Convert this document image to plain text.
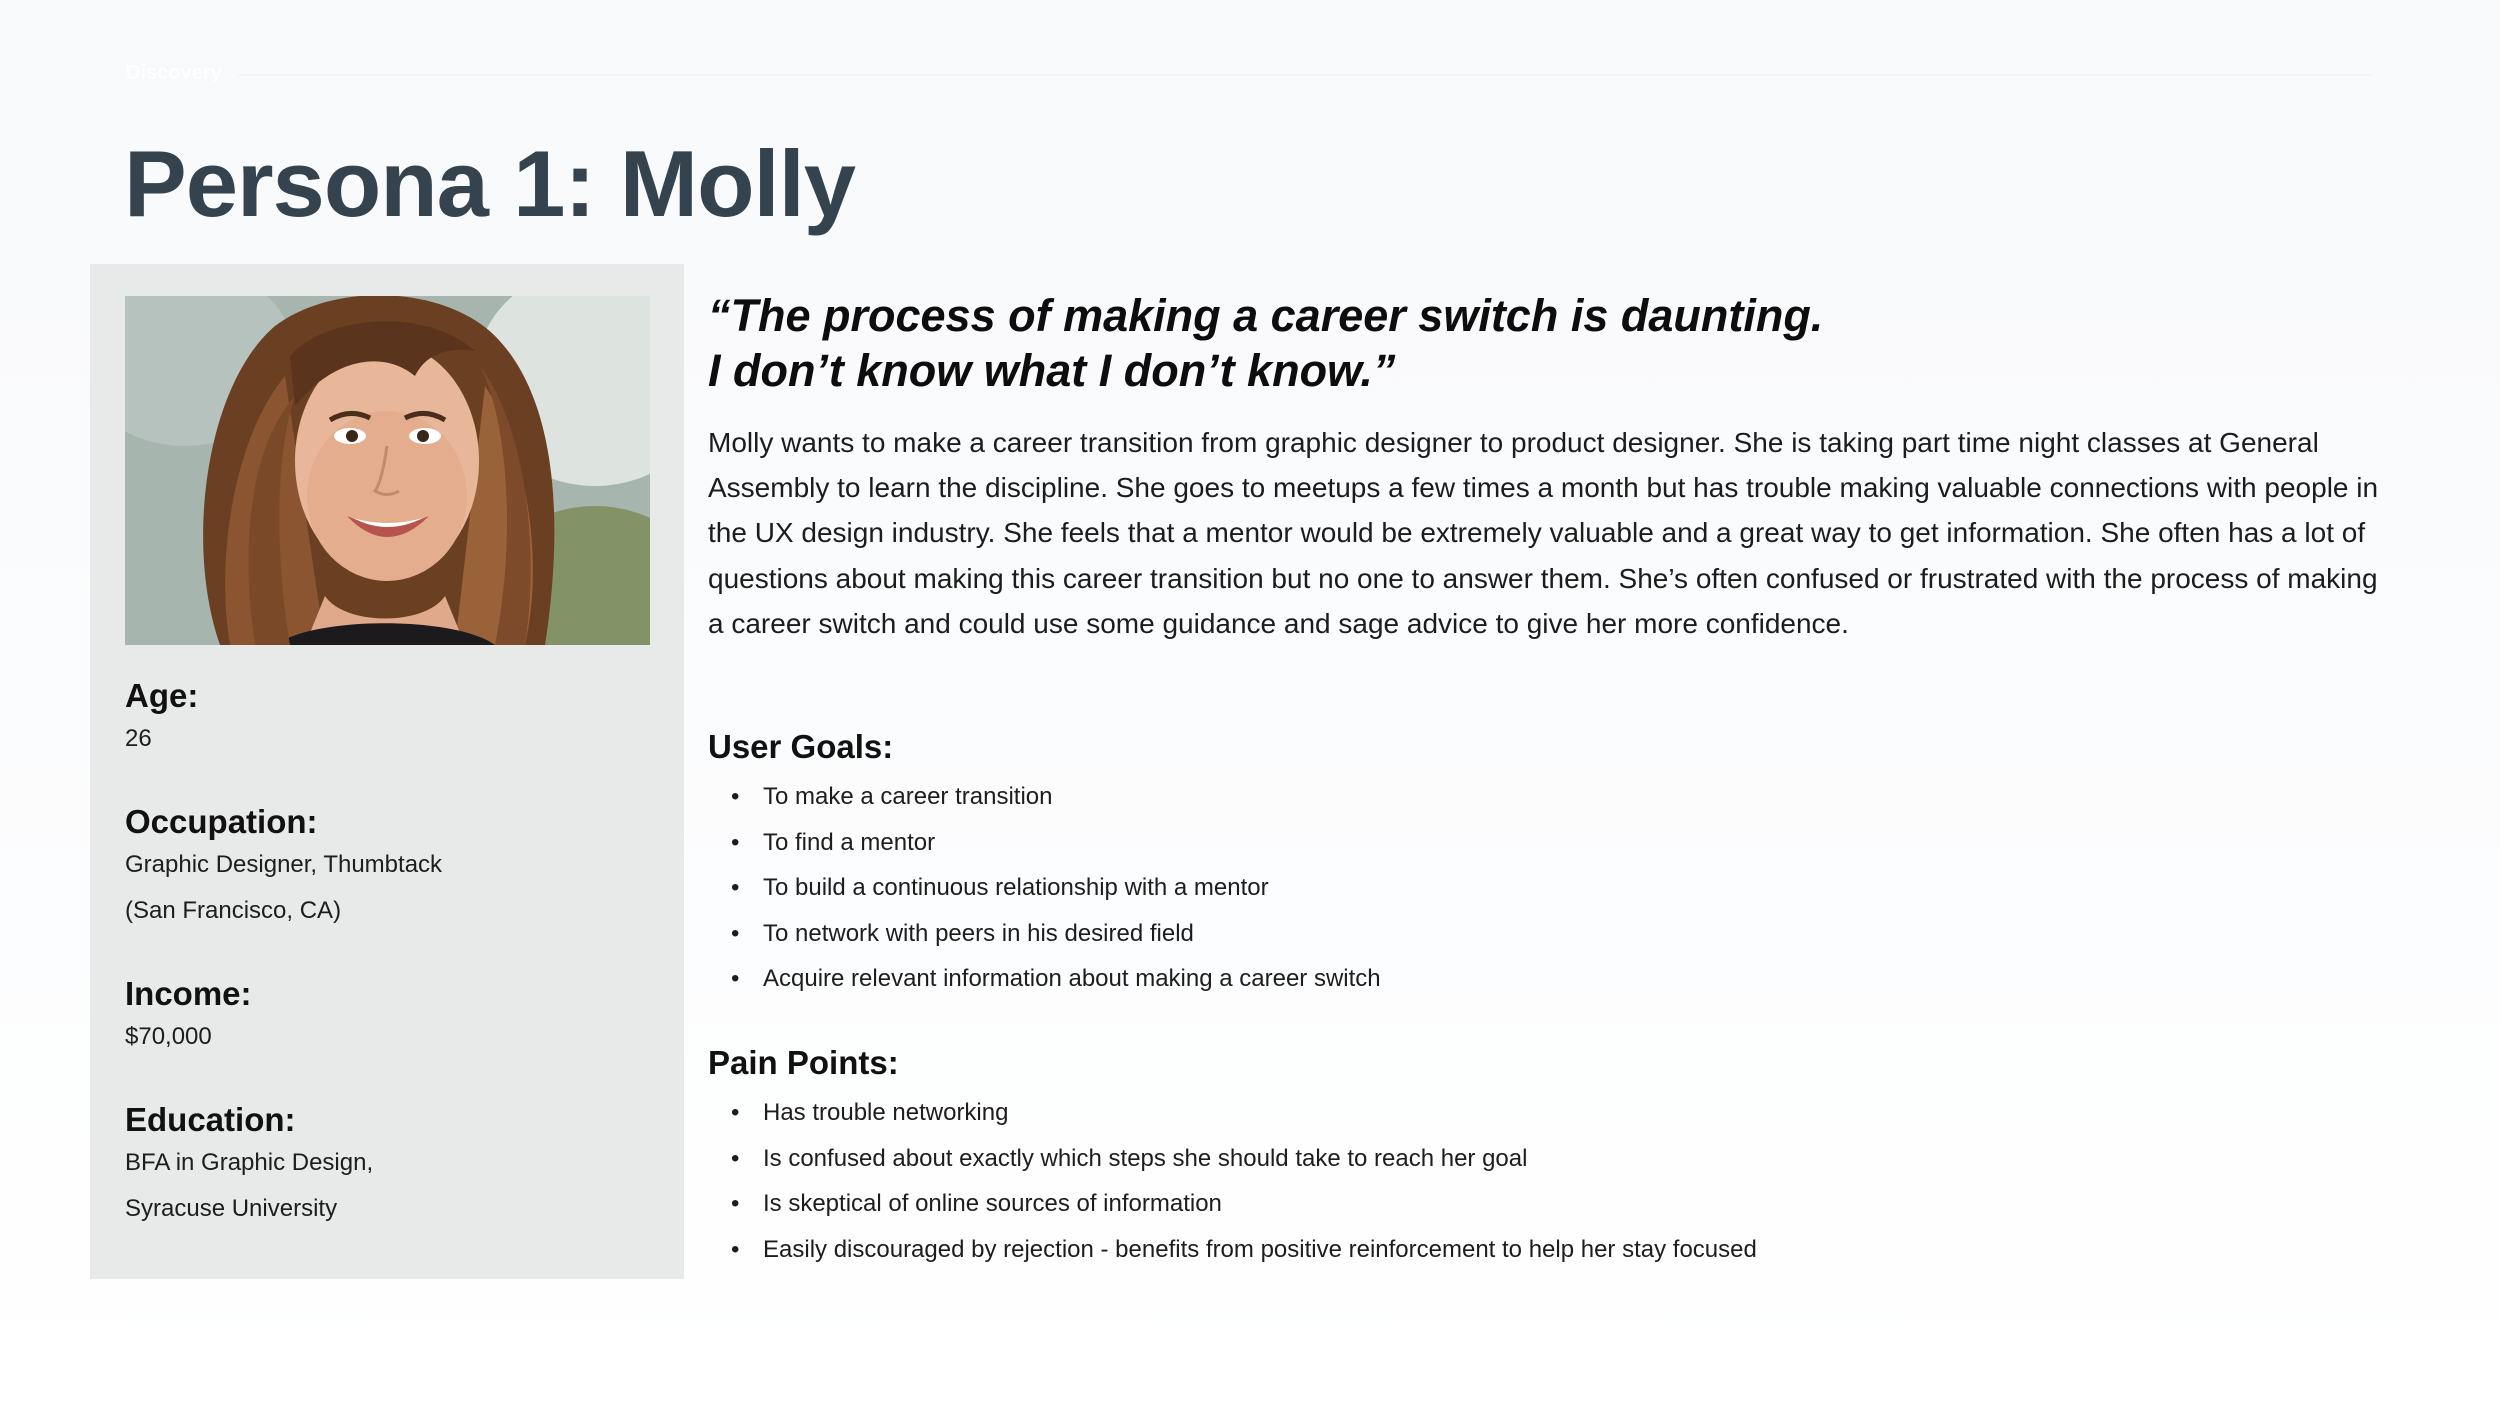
Discovery
Persona 1: Molly
Age:
26
Occupation:
Graphic Designer, Thumbtack
(San Francisco, CA)
Income:
$70,000
Education:
BFA in Graphic Design,
Syracuse University
“The process of making a career switch is daunting.
I don’t know what I don’t know.”

Molly wants to make a career transition from graphic designer to product designer. She is taking part time night classes at General Assembly to learn the discipline. She goes to meetups a few times a month but has trouble making valuable connections with people in the UX design industry. She feels that a mentor would be extremely valuable and a great way to get information. She often has a lot of questions about making this career transition but no one to answer them. She’s often confused or frustrated with the process of making a career switch and could use some guidance and sage advice to give her more confidence.

User Goals:
• To make a career transition
• To find a mentor
• To build a continuous relationship with a mentor
• To network with peers in his desired field
• Acquire relevant information about making a career switch
Pain Points:
• Has trouble networking
• Is confused about exactly which steps she should take to reach her goal
• Is skeptical of online sources of information
• Easily discouraged by rejection - benefits from positive reinforcement to help her stay focused
